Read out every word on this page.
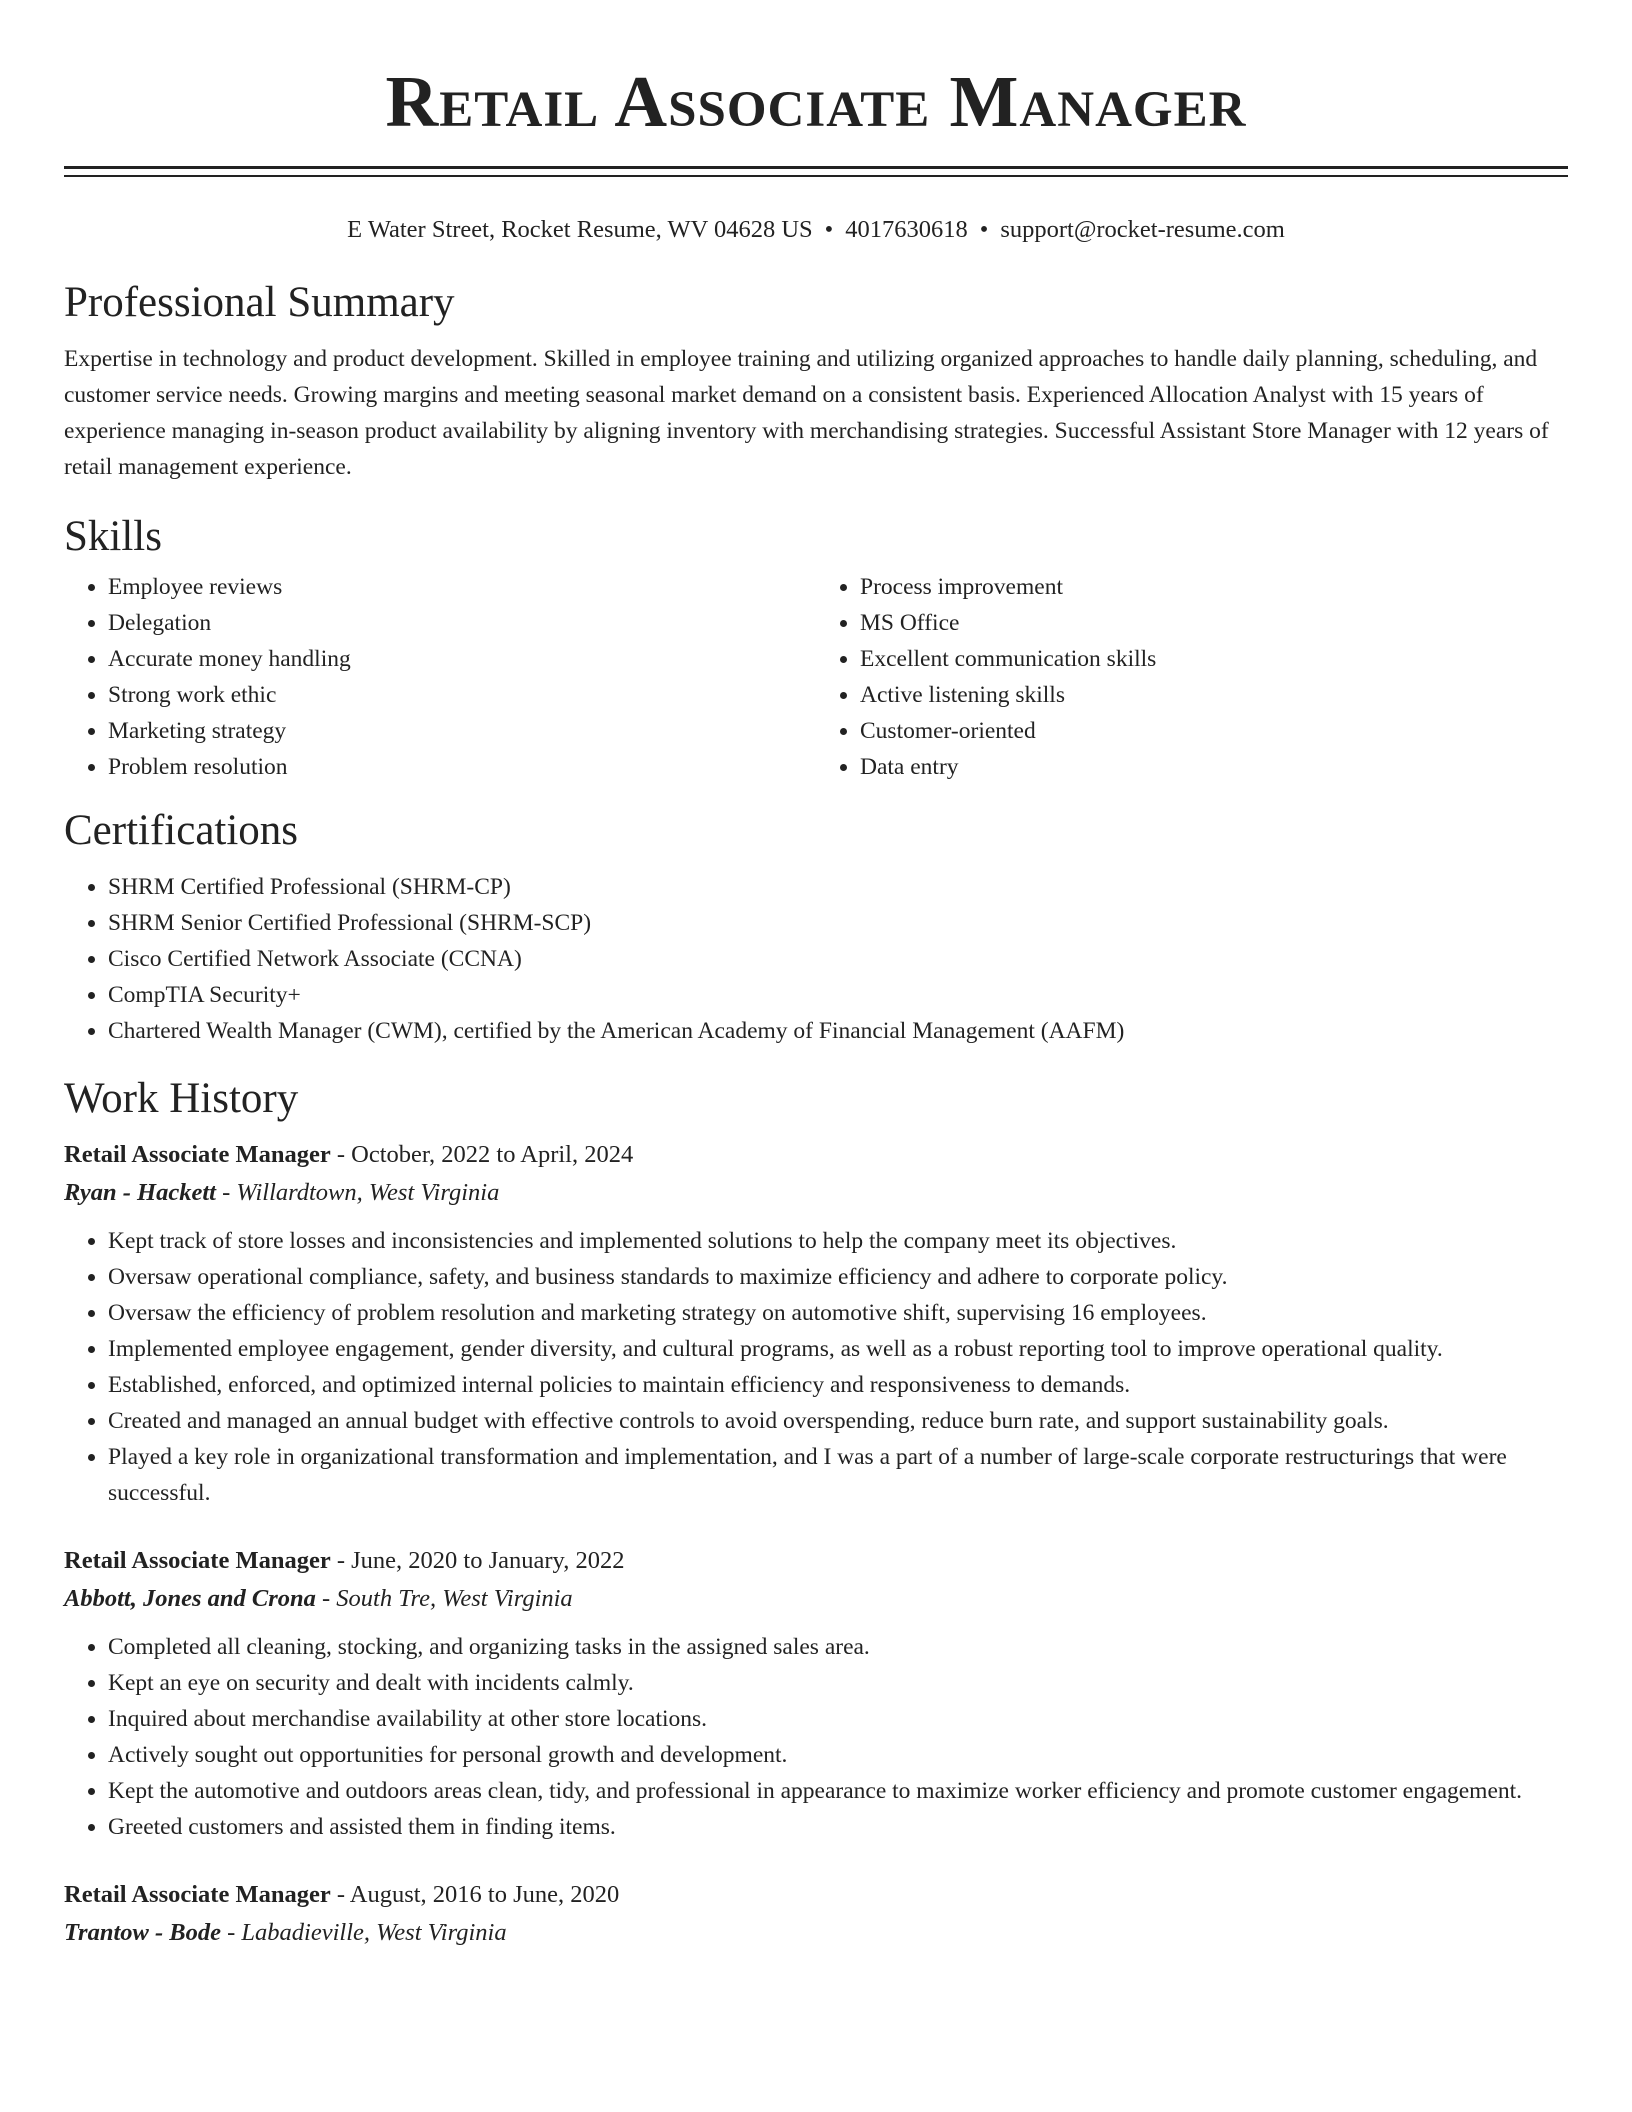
Retail Associate Manager
E Water Street, Rocket Resume, WV 04628 US • 4017630618 • support@rocket-resume.com
Professional Summary

Expertise in technology and product development. Skilled in employee training and utilizing organized approaches to handle daily planning, scheduling, and customer service needs. Growing margins and meeting seasonal market demand on a consistent basis. Experienced Allocation Analyst with 15 years of experience managing in-season product availability by aligning inventory with merchandising strategies. Successful Assistant Store Manager with 12 years of retail management experience.

Skills
• Employee reviews
• Delegation
• Accurate money handling
• Strong work ethic
• Marketing strategy
• Problem resolution
• Process improvement
• MS Office
• Excellent communication skills
• Active listening skills
• Customer-oriented
• Data entry
Certifications
• SHRM Certified Professional (SHRM-CP)
• SHRM Senior Certified Professional (SHRM-SCP)
• Cisco Certified Network Associate (CCNA)
• CompTIA Security+
• Chartered Wealth Manager (CWM), certified by the American Academy of Financial Management (AAFM)
Work History

Retail Associate Manager - October, 2022 to April, 2024

Ryan - Hackett - Willardtown, West Virginia

• Kept track of store losses and inconsistencies and implemented solutions to help the company meet its objectives.
• Oversaw operational compliance, safety, and business standards to maximize efficiency and adhere to corporate policy.
• Oversaw the efficiency of problem resolution and marketing strategy on automotive shift, supervising 16 employees.
• Implemented employee engagement, gender diversity, and cultural programs, as well as a robust reporting tool to improve operational quality.
• Established, enforced, and optimized internal policies to maintain efficiency and responsiveness to demands.
• Created and managed an annual budget with effective controls to avoid overspending, reduce burn rate, and support sustainability goals.
• Played a key role in organizational transformation and implementation, and I was a part of a number of large-scale corporate restructurings that were successful.

Retail Associate Manager - June, 2020 to January, 2022

Abbott, Jones and Crona - South Tre, West Virginia

• Completed all cleaning, stocking, and organizing tasks in the assigned sales area.
• Kept an eye on security and dealt with incidents calmly.
• Inquired about merchandise availability at other store locations.
• Actively sought out opportunities for personal growth and development.
• Kept the automotive and outdoors areas clean, tidy, and professional in appearance to maximize worker efficiency and promote customer engagement.
• Greeted customers and assisted them in finding items.

Retail Associate Manager - August, 2016 to June, 2020

Trantow - Bode - Labadieville, West Virginia
